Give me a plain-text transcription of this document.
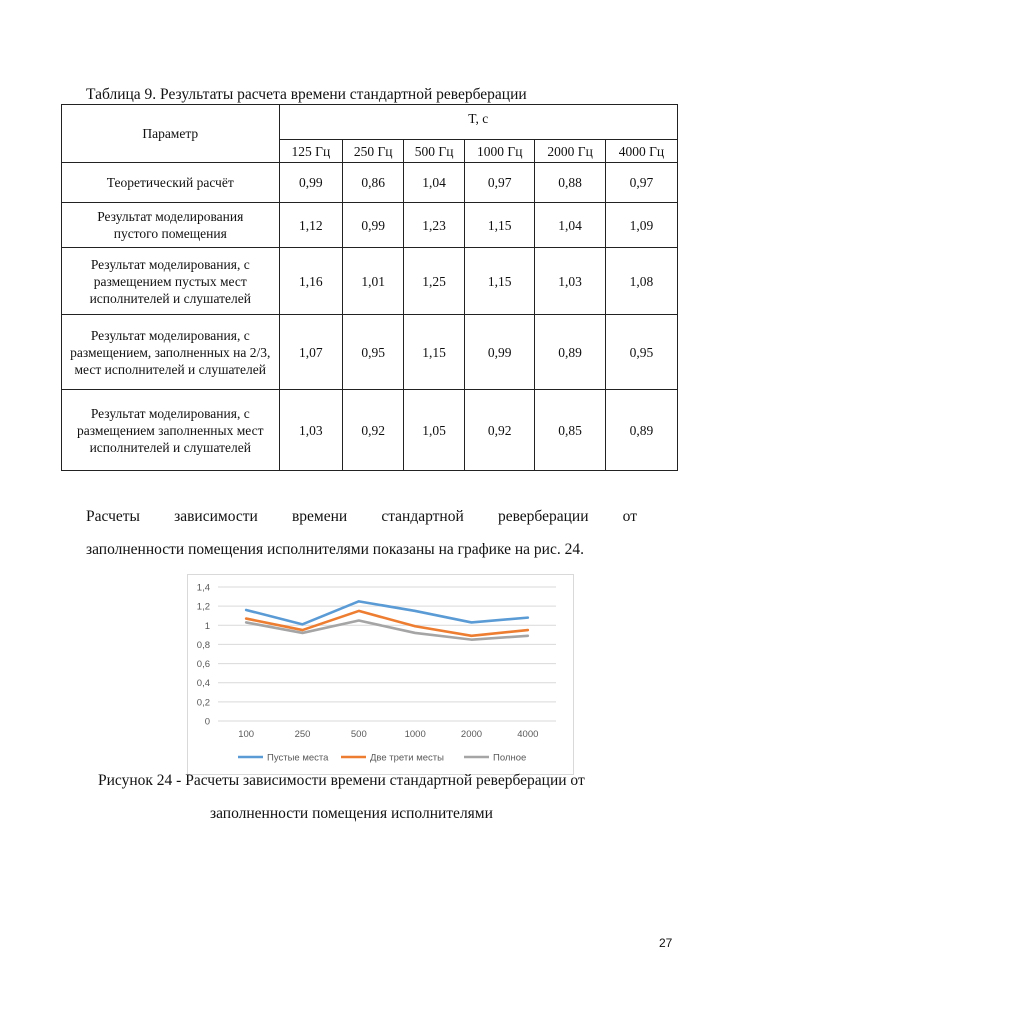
Таблица 9. Результаты расчета времени стандартной реверберации
Параметр	T, с					
	125 Гц	250 Гц	500 Гц	1000 Гц	2000 Гц	4000 Гц
Теоретический расчёт	0,99	0,86	1,04	0,97	0,88	0,97
Результат моделирования пустого помещения	1,12	0,99	1,23	1,15	1,04	1,09
Результат моделирования, с размещением пустых мест исполнителей и слушателей	1,16	1,01	1,25	1,15	1,03	1,08
Результат моделирования, с размещением, заполненных на 2/3, мест исполнителей и слушателей	1,07	0,95	1,15	0,99	0,89	0,95
Результат моделирования, с размещением заполненных мест исполнителей и слушателей	1,03	0,92	1,05	0,92	0,85	0,89
Расчеты зависимости времени стандартной реверберации от
заполненности помещения исполнителями показаны на графике на рис. 24.
0
0,2
0,4
0,6
0,8
1
1,2
1,4
100	250	500	1000	2000	4000
Пустые места	Две трети месты	Полное
Рисунок 24 - Расчеты зависимости времени стандартной реверберации от
заполненности помещения исполнителями
27
